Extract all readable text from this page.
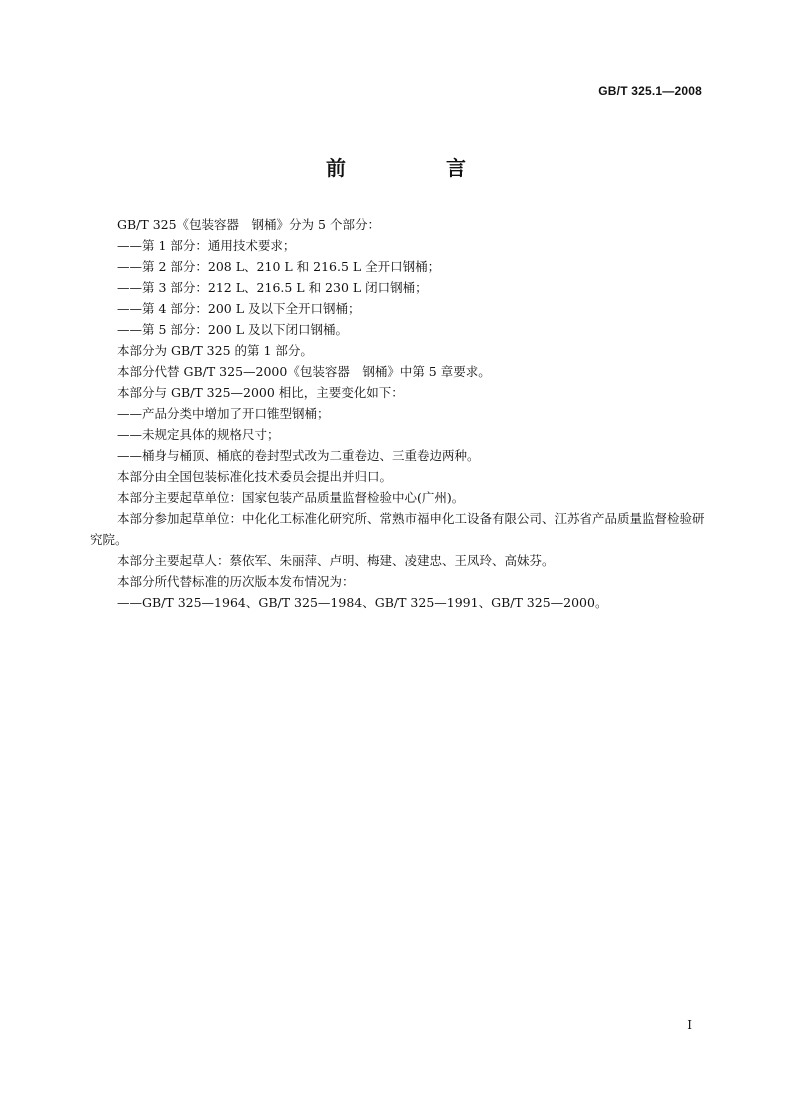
GB/T 325.1—2008
前　言

GB/T 325《包装容器　钢桶》分为 5 个部分：

——第 1 部分：通用技术要求；

——第 2 部分：208 L、210 L 和 216.5 L 全开口钢桶；

——第 3 部分：212 L、216.5 L 和 230 L 闭口钢桶；

——第 4 部分：200 L 及以下全开口钢桶；

——第 5 部分：200 L 及以下闭口钢桶。

本部分为 GB/T 325 的第 1 部分。

本部分代替 GB/T 325—2000《包装容器　钢桶》中第 5 章要求。

本部分与 GB/T 325—2000 相比，主要变化如下：

——产品分类中增加了开口锥型钢桶；

——未规定具体的规格尺寸；

——桶身与桶顶、桶底的卷封型式改为二重卷边、三重卷边两种。

本部分由全国包装标准化技术委员会提出并归口。

本部分主要起草单位：国家包装产品质量监督检验中心(广州)。

本部分参加起草单位：中化化工标准化研究所、常熟市福申化工设备有限公司、江苏省产品质量监督检验研究院。

本部分主要起草人：蔡依军、朱丽萍、卢明、梅建、凌建忠、王凤玲、高妹芬。

本部分所代替标准的历次版本发布情况为：

——GB/T 325—1964、GB/T 325—1984、GB/T 325—1991、GB/T 325—2000。

I
